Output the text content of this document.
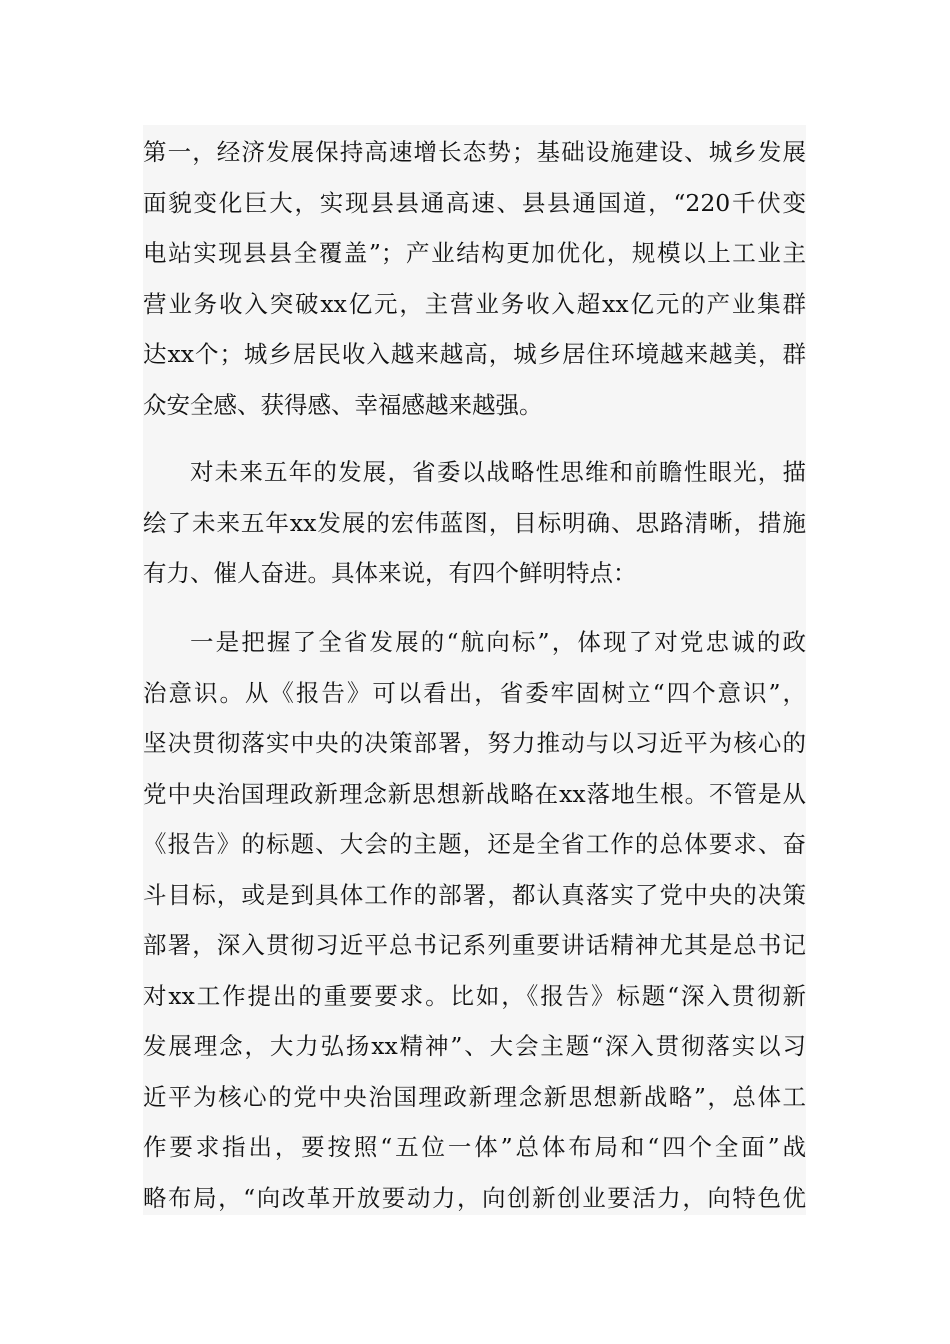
第一，经济发展保持高速增长态势；基础设施建设、城乡发展
面貌变化巨大，实现县县通高速、县县通国道，“220千伏变
电站实现县县全覆盖”；产业结构更加优化，规模以上工业主
营业务收入突破xx亿元，主营业务收入超xx亿元的产业集群
达xx个；城乡居民收入越来越高，城乡居住环境越来越美，群
众安全感、获得感、幸福感越来越强。
对未来五年的发展，省委以战略性思维和前瞻性眼光，描
绘了未来五年xx发展的宏伟蓝图，目标明确、思路清晰，措施
有力、催人奋进。具体来说，有四个鲜明特点：
一是把握了全省发展的“航向标”，体现了对党忠诚的政
治意识。从《报告》可以看出，省委牢固树立“四个意识”，
坚决贯彻落实中央的决策部署，努力推动与以习近平为核心的
党中央治国理政新理念新思想新战略在xx落地生根。不管是从
《报告》的标题、大会的主题，还是全省工作的总体要求、奋
斗目标，或是到具体工作的部署，都认真落实了党中央的决策
部署，深入贯彻习近平总书记系列重要讲话精神尤其是总书记
对xx工作提出的重要要求。比如，《报告》标题“深入贯彻新
发展理念，大力弘扬xx精神”、大会主题“深入贯彻落实以习
近平为核心的党中央治国理政新理念新思想新战略”，总体工
作要求指出，要按照“五位一体”总体布局和“四个全面”战
略布局，“向改革开放要动力，向创新创业要活力，向特色优
